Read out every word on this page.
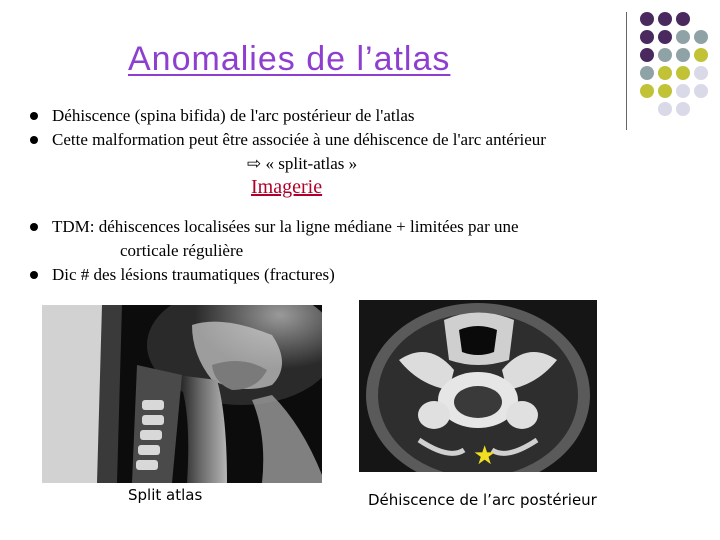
Anomalies de l’atlas
Déhiscence (spina bifida) de l'arc postérieur de l'atlas
Cette malformation peut être associée à une déhiscence de l'arc antérieur
⇨ « split-atlas »
Imagerie
TDM: déhiscences localisées sur la ligne médiane + limitées par une
corticale régulière
Dic # des lésions traumatiques (fractures)
Split atlas
★
Déhiscence de l’arc postérieur
